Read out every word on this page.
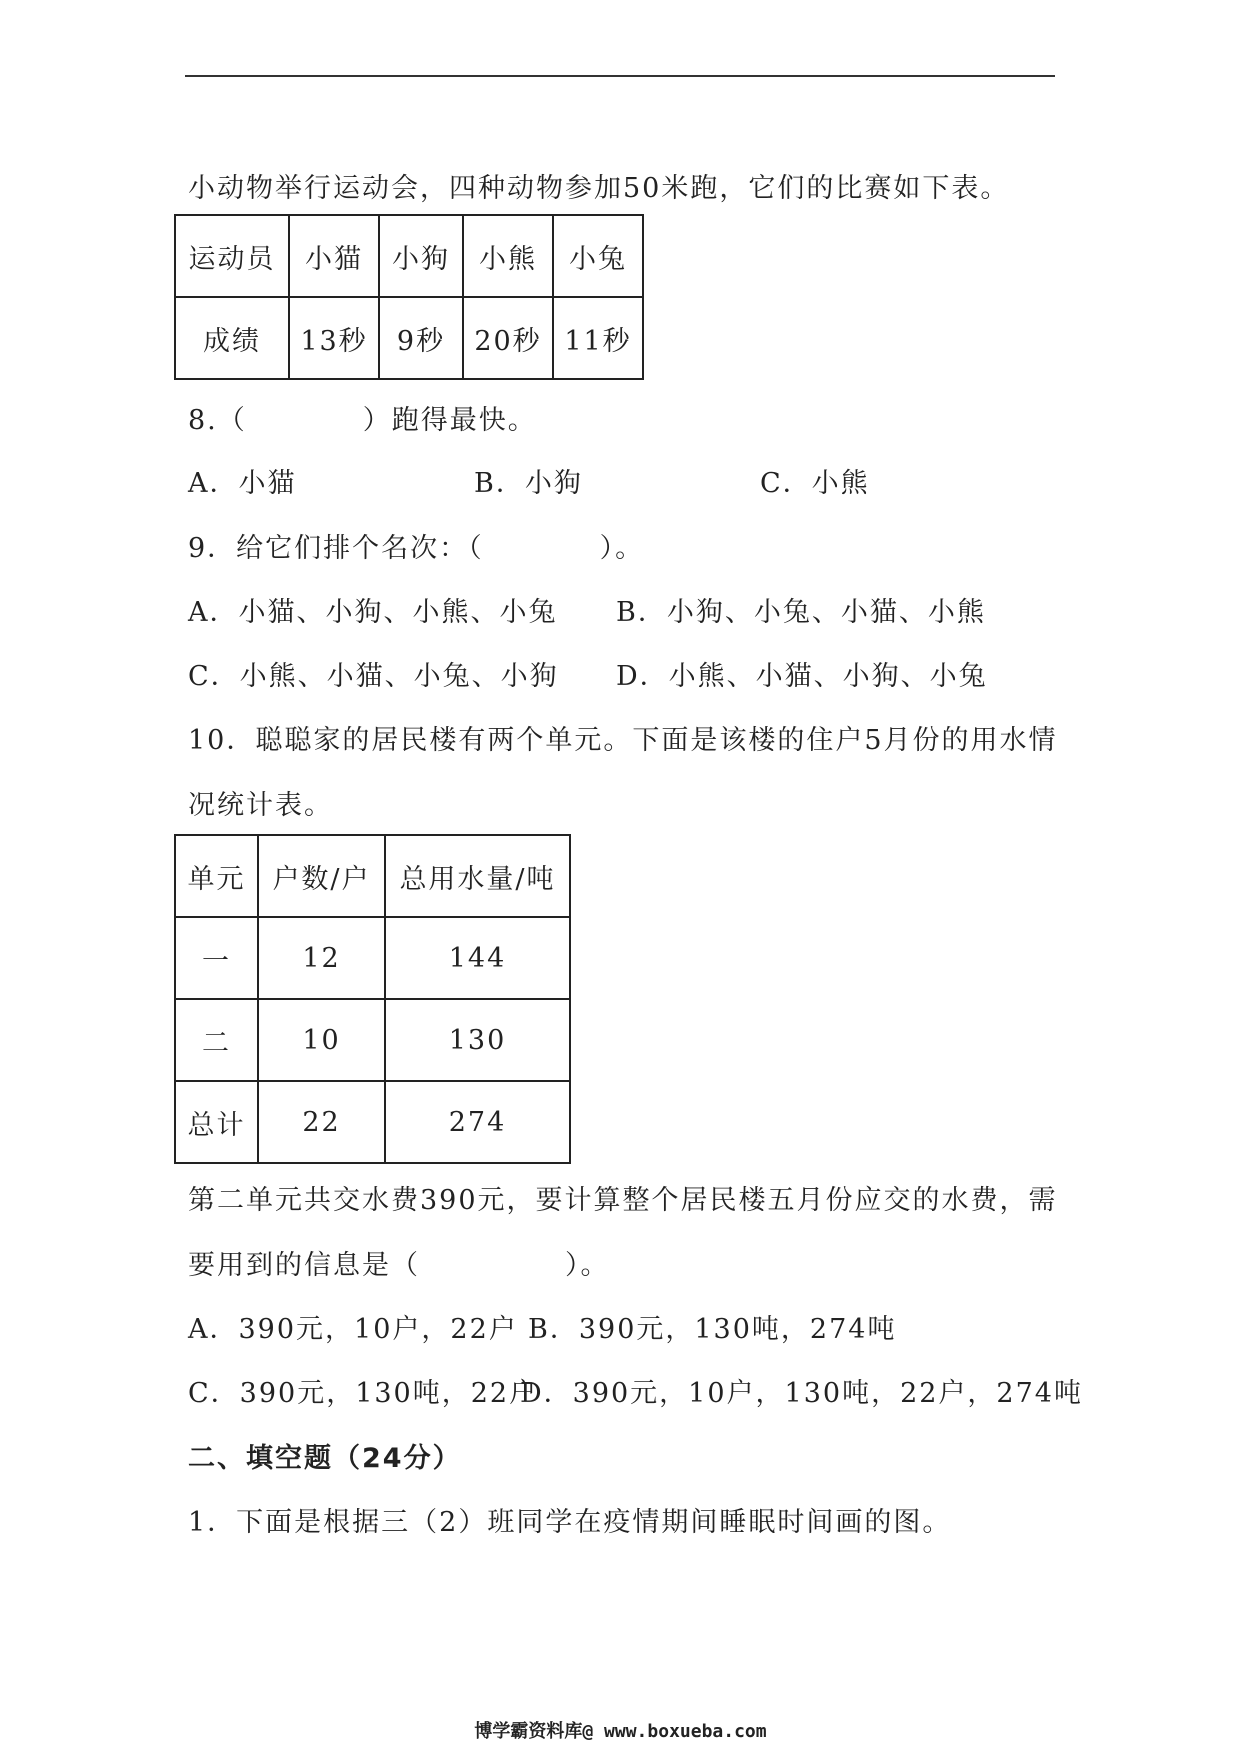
小动物举行运动会，四种动物参加50米跑，它们的比赛如下表。
运动员	小猫	小狗	小熊	小兔
成绩	13秒	9秒	20秒	11秒
8.（　　　　）跑得最快。
A．小猫	B．小狗	C．小熊
9．给它们排个名次：（　　　　）。
A．小猫、小狗、小熊、小兔 B．小狗、小兔、小猫、小熊
C．小熊、小猫、小兔、小狗 D．小熊、小猫、小狗、小兔
10．聪聪家的居民楼有两个单元。下面是该楼的住户5月份的用水情
况统计表。
单元	户数/户	总用水量/吨
一	12	144
二	10	130
总计	22	274
第二单元共交水费390元，要计算整个居民楼五月份应交的水费，需
要用到的信息是（　　　　　）。
A．390元，10户，22户 B．390元，130吨，274吨
C．390元，130吨，22户
D．390元，10户，130吨，22户，274吨
二、填空题（24分）
1．下面是根据三（2）班同学在疫情期间睡眠时间画的图。
博学霸资料库@ www.boxueba.com
